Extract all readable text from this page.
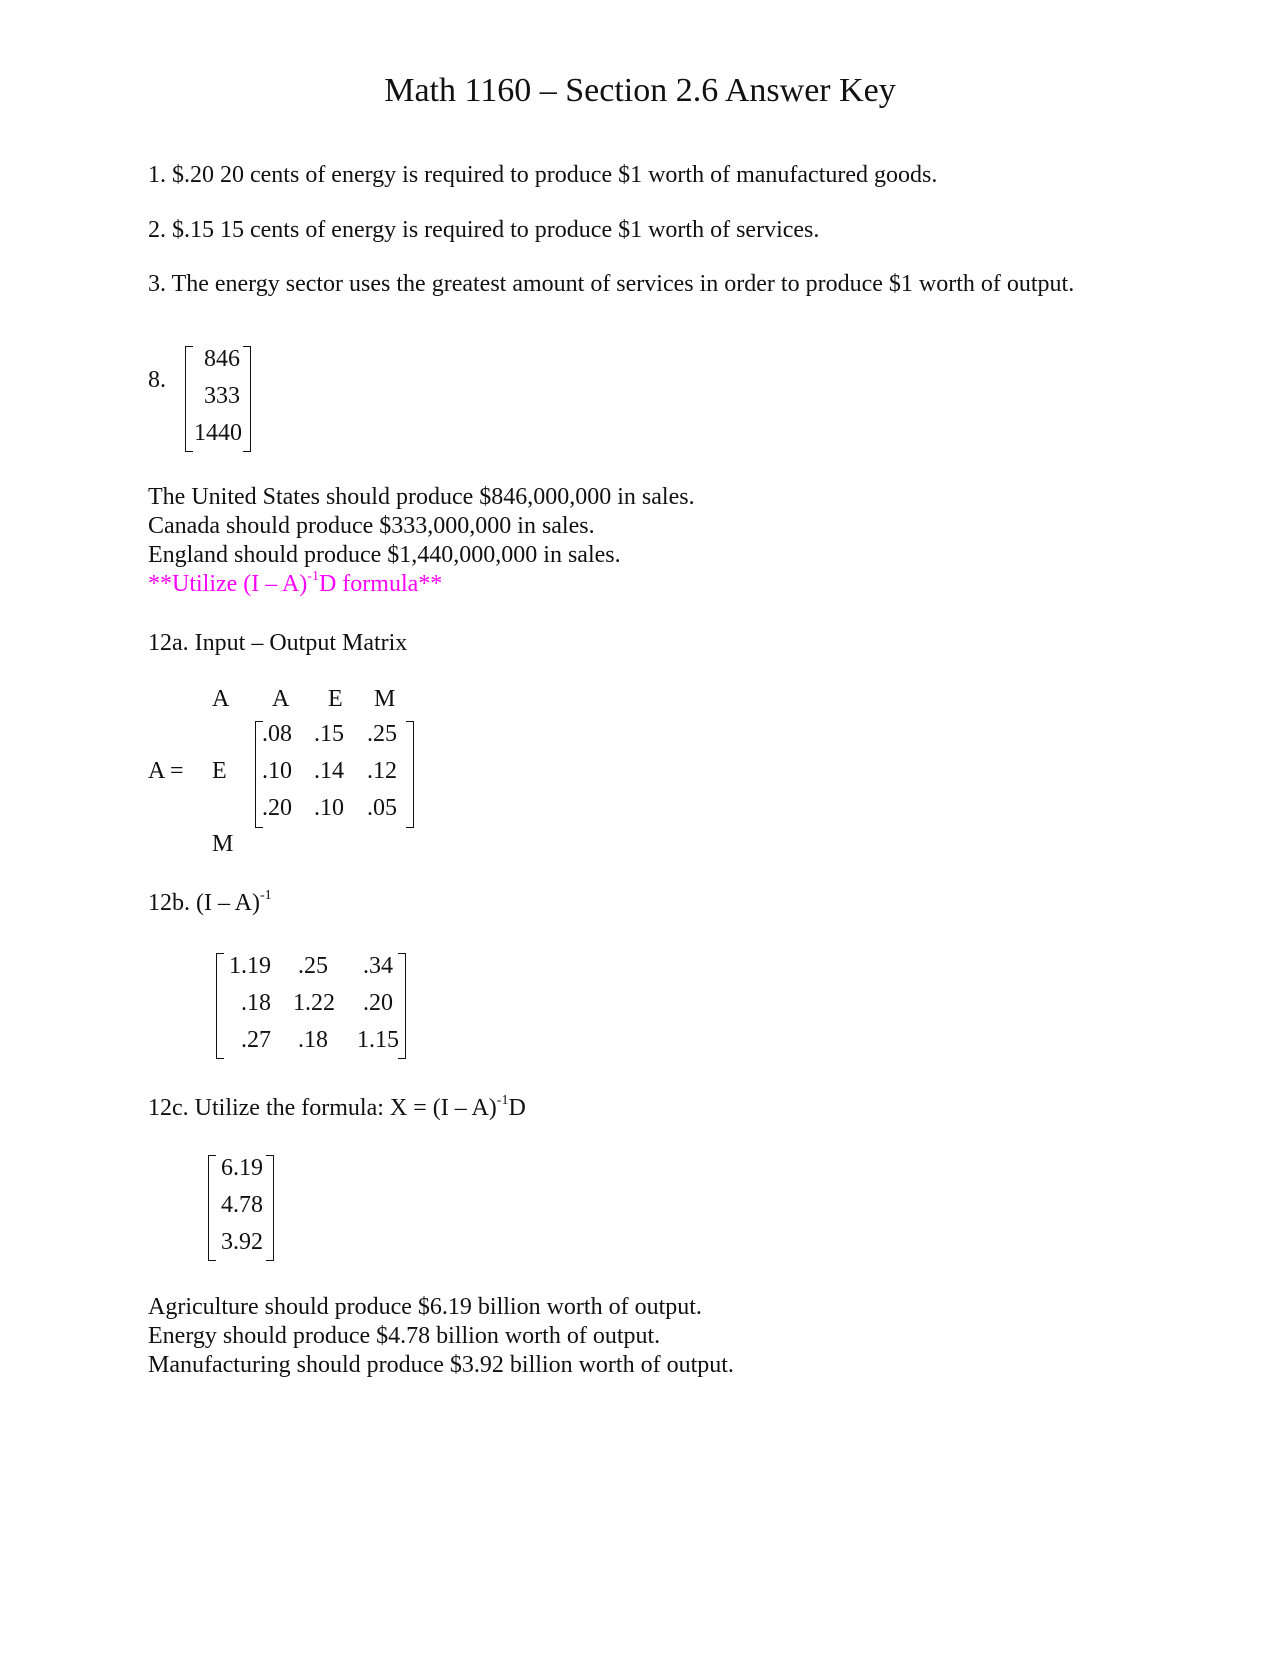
Math 1160 – Section 2.6 Answer Key
1. $.20 20 cents of energy is required to produce $1 worth of manufactured goods.
2. $.15 15 cents of energy is required to produce $1 worth of services.
3. The energy sector uses the greatest amount of services in order to produce $1 worth of output.
8.
846
333
1440
The United States should produce $846,000,000 in sales.
Canada should produce $333,000,000 in sales.
England should produce $1,440,000,000 in sales.
**Utilize (I – A)$^{-1}$D formula**
12a. Input – Output Matrix
A A E M
A = E
M
.08 .15 .25
.10 .14 .12
.20 .10 .05
12b. (I – A)$^{-1}$
1.19 .25 .34
.18 1.22 .20
.27 .18 1.15
12c. Utilize the formula: X = (I – A)$^{-1}$D
6.19
4.78
3.92
Agriculture should produce $6.19 billion worth of output.
Energy should produce $4.78 billion worth of output.
Manufacturing should produce $3.92 billion worth of output.
